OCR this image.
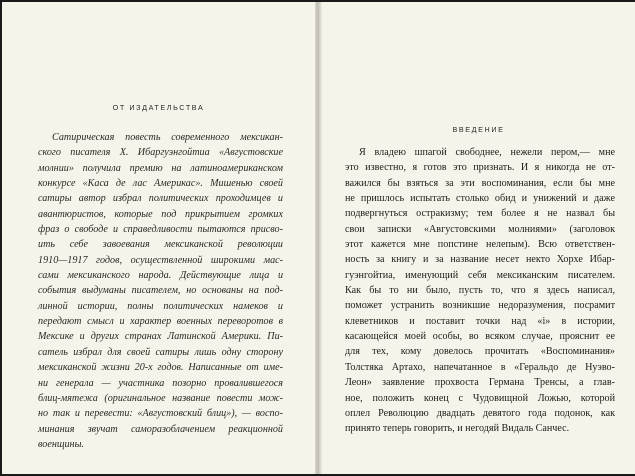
ОТ ИЗДАТЕЛЬСТВА
Сатирическая повесть современного мексикан-
ского писателя Х. Ибаргуэнгойтиа «Августовские
молнии» получила премию на латиноамериканском
конкурсе «Каса де лас Америкас». Мишенью своей
сатиры автор избрал политических проходимцев и
авантюристов, которые под прикрытием громких
фраз о свободе и справедливости пытаются присво-
ить себе завоевания мексиканской революции
1910—1917 годов, осуществленной широкими мас-
сами мексиканского народа. Действующие лица и
события выдуманы писателем, но основаны на под-
линной истории, полны политических намеков и
передают смысл и характер военных переворотов в
Мексике и других странах Латинской Америки. Пи-
сатель избрал для своей сатиры лишь одну сторону
мексиканской жизни 20-х годов. Написанные от име-
ни генерала — участника позорно провалившегося
блиц-мятежа (оригинальное название повести мож-
но так и перевести: «Августовский блиц»), — воспо-
минания звучат саморазоблачением реакционной
военщины.
ВВЕДЕНИЕ
Я владею шпагой свободнее, нежели пером,— мне
это известно, я готов это признать. И я никогда не от-
важился бы взяться за эти воспоминания, если бы мне
не пришлось испытать столько обид и унижений и даже
подвергнуться остракизму; тем более я не назвал бы
свои записки «Августовскими молниями» (заголовок
этот кажется мне попстине нелепым). Всю ответствен-
ность за книгу и за название несет некто Хорхе Ибар-
гуэнгойтиа, именующий себя мексиканским писателем.
Как бы то ни было, пусть то, что я здесь написал,
поможет устранить возникшие недоразумения, посрамит
клеветников и поставит точки над «i» в истории,
касающейся моей особы, во всяком случае, прояснит ее
для тех, кому довелось прочитать «Воспоминания»
Толстяка Артахо, напечатанное в «Геральдо де Нуэво-
Леон» заявление прохвоста Германа Тренсы, а глав-
ное, положить конец с Чудовищной Ложью, которой
оплел Революцию двадцать девятого года подонок, как
принято теперь говорить, и негодяй Видаль Санчес.
